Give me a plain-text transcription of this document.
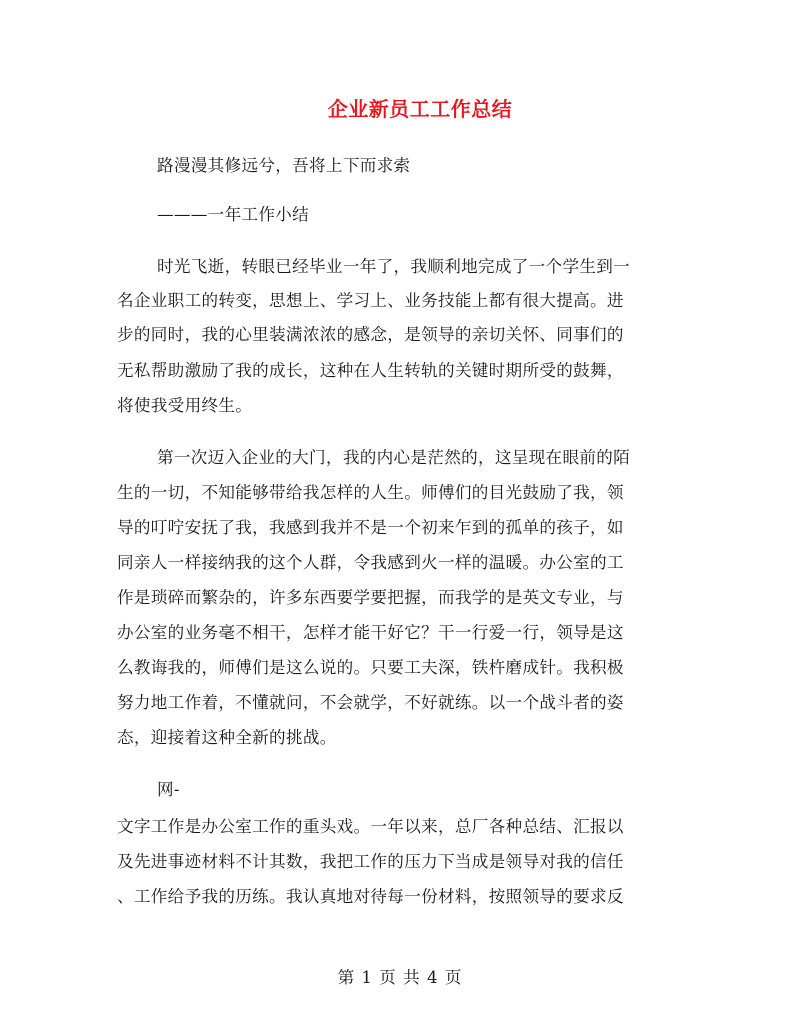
企业新员工工作总结
路漫漫其修远兮，吾将上下而求索
———一年工作小结
时光飞逝，转眼已经毕业一年了，我顺利地完成了一个学生到一
名企业职工的转变，思想上、学习上、业务技能上都有很大提高。进
步的同时，我的心里装满浓浓的感念，是领导的亲切关怀、同事们的
无私帮助激励了我的成长，这种在人生转轨的关键时期所受的鼓舞，
将使我受用终生。
第一次迈入企业的大门，我的内心是茫然的，这呈现在眼前的陌
生的一切，不知能够带给我怎样的人生。师傅们的目光鼓励了我，领
导的叮咛安抚了我，我感到我并不是一个初来乍到的孤单的孩子，如
同亲人一样接纳我的这个人群，令我感到火一样的温暖。办公室的工
作是琐碎而繁杂的，许多东西要学要把握，而我学的是英文专业，与
办公室的业务毫不相干，怎样才能干好它？干一行爱一行，领导是这
么教诲我的，师傅们是这么说的。只要工夫深，铁杵磨成针。我积极
努力地工作着，不懂就问，不会就学，不好就练。以一个战斗者的姿
态，迎接着这种全新的挑战。
网-
文字工作是办公室工作的重头戏。一年以来，总厂各种总结、汇报以
及先进事迹材料不计其数，我把工作的压力下当成是领导对我的信任
、工作给予我的历练。我认真地对待每一份材料，按照领导的要求反
第 1 页 共 4 页
